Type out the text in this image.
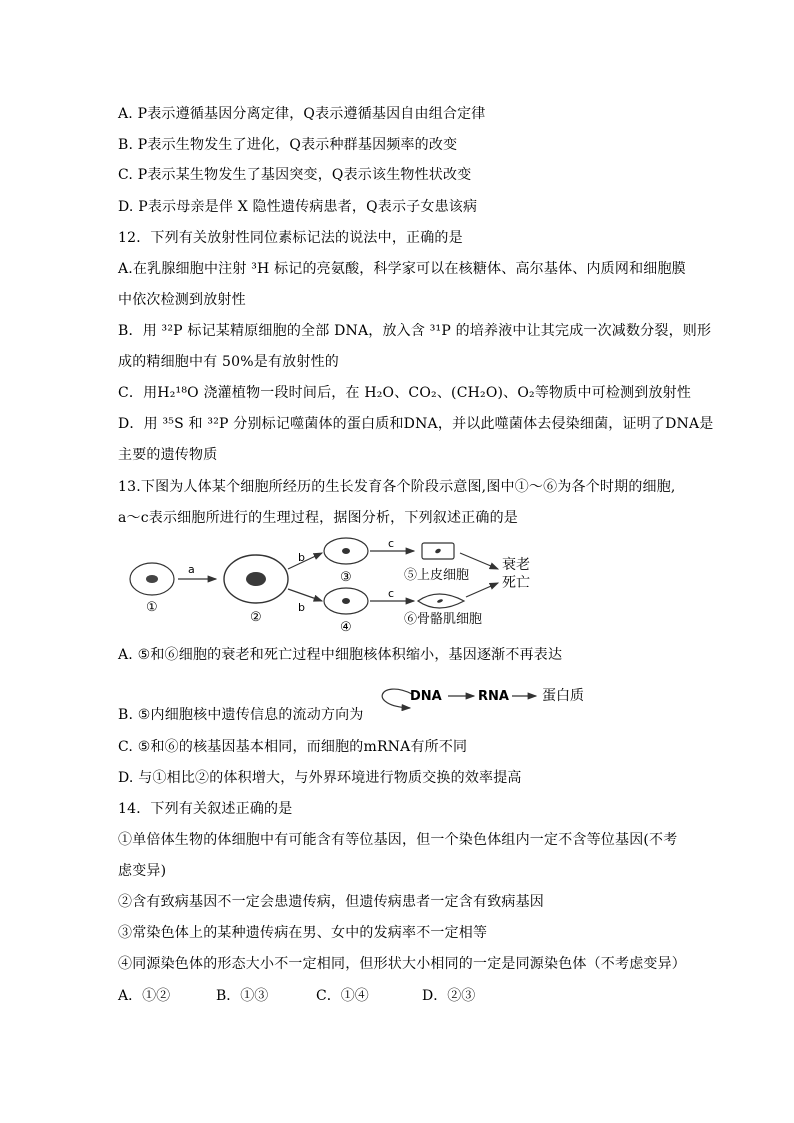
A. P表示遵循基因分离定律，Q表示遵循基因自由组合定律
B. P表示生物发生了进化，Q表示种群基因频率的改变
C. P表示某生物发生了基因突变，Q表示该生物性状改变
D. P表示母亲是伴 X 隐性遗传病患者，Q表示子女患该病
12．下列有关放射性同位素标记法的说法中，正确的是
A.在乳腺细胞中注射 ³H 标记的亮氨酸，科学家可以在核糖体、高尔基体、内质网和细胞膜
中依次检测到放射性
B．用 ³²P 标记某精原细胞的全部 DNA，放入含 ³¹P 的培养液中让其完成一次减数分裂，则形
成的精细胞中有 50%是有放射性的
C．用H₂¹⁸O 浇灌植物一段时间后，在 H₂O、CO₂、(CH₂O)、O₂等物质中可检测到放射性
D．用 ³⁵S 和 ³²P 分别标记噬菌体的蛋白质和DNA，并以此噬菌体去侵染细菌，证明了DNA是
主要的遗传物质
13.下图为人体某个细胞所经历的生长发育各个阶段示意图,图中①～⑥为各个时期的细胞,
a～c表示细胞所进行的生理过程，据图分析，下列叙述正确的是
a
b
b
c
c
⑤上皮细胞
⑥骨骼肌细胞
衰老
死亡
①
②
③
④
A. ⑤和⑥细胞的衰老和死亡过程中细胞核体积缩小，基因逐渐不再表达
DNA	RNA 蛋白质
B. ⑤内细胞核中遗传信息的流动方向为
C. ⑤和⑥的核基因基本相同，而细胞的mRNA有所不同
D. 与①相比②的体积增大，与外界环境进行物质交换的效率提高
14．下列有关叙述正确的是
①单倍体生物的体细胞中有可能含有等位基因，但一个染色体组内一定不含等位基因(不考
虑变异)
②含有致病基因不一定会患遗传病，但遗传病患者一定含有致病基因
③常染色体上的某种遗传病在男、女中的发病率不一定相等
④同源染色体的形态大小不一定相同，但形状大小相同的一定是同源染色体（不考虑变异）
A．①②	B．①③	C．①④	D．②③
